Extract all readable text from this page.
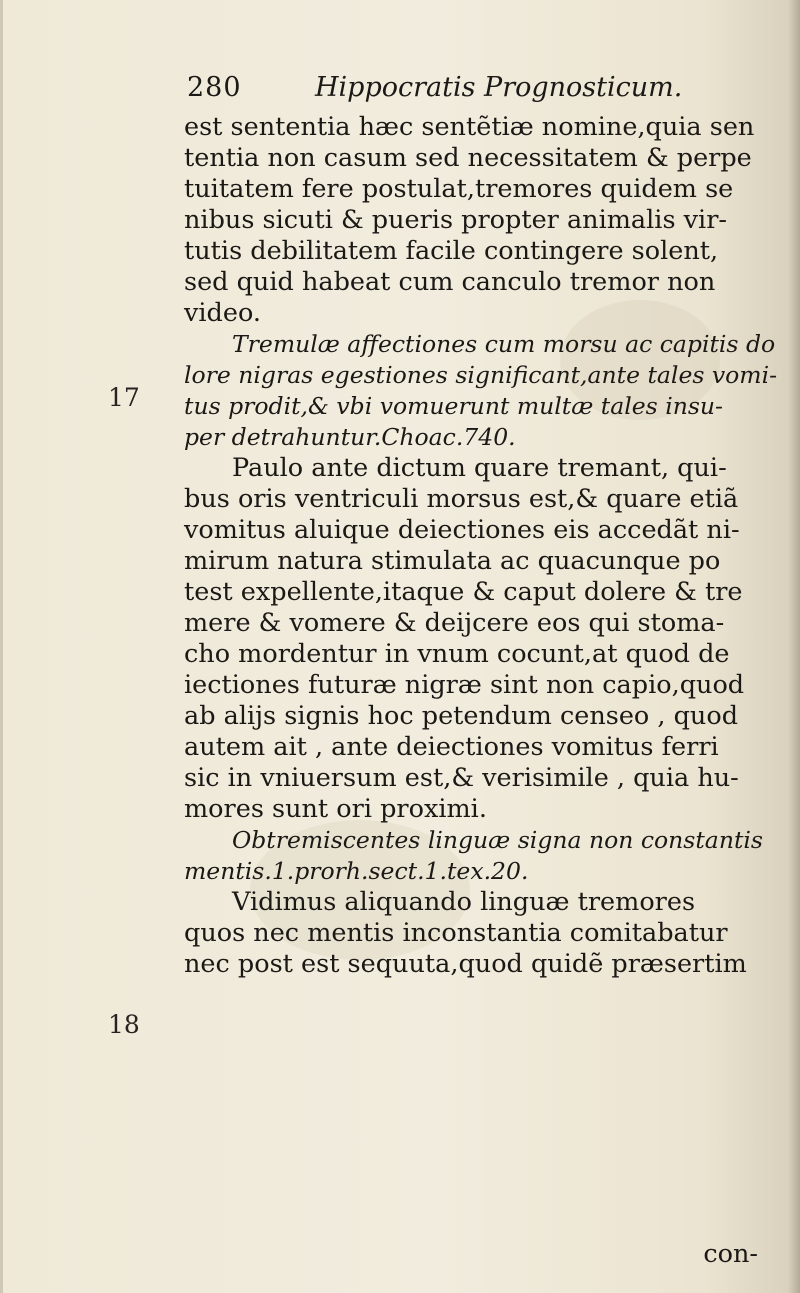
280	Hippocratis Prognosticum.
17
18
est sententia hæc sentẽtiæ nomine,quia sen
tentia non casum sed necessitatem & perpe
tuitatem fere postulat,tremores quidem se
nibus sicuti & pueris propter animalis vir-
tutis debilitatem facile contingere solent,
sed quid habeat cum canculo tremor non
video.
Tremulæ affectiones cum morsu ac capitis do
lore nigras egestiones significant,ante tales vomi-
tus prodit,& vbi vomuerunt multæ tales insu-
per detrahuntur.Choac.740.
Paulo ante dictum quare tremant, qui-
bus oris ventriculi morsus est,& quare etiã
vomitus aluique deiectiones eis accedãt ni-
mirum natura stimulata ac quacunque po
test expellente,itaque & caput dolere & tre
mere & vomere & deijcere eos qui stoma-
cho mordentur in vnum cocunt,at quod de
iectiones futuræ nigræ sint non capio,quod
ab alijs signis hoc petendum censeo , quod
autem ait , ante deiectiones vomitus ferri
sic in vniuersum est,& verisimile , quia hu-
mores sunt ori proximi.
Obtremiscentes linguæ signa non constantis
mentis.1.prorh.sect.1.tex.20.
Vidimus aliquando linguæ tremores
quos nec mentis inconstantia comitabatur
nec post est sequuta,quod quidẽ præsertim
con-
